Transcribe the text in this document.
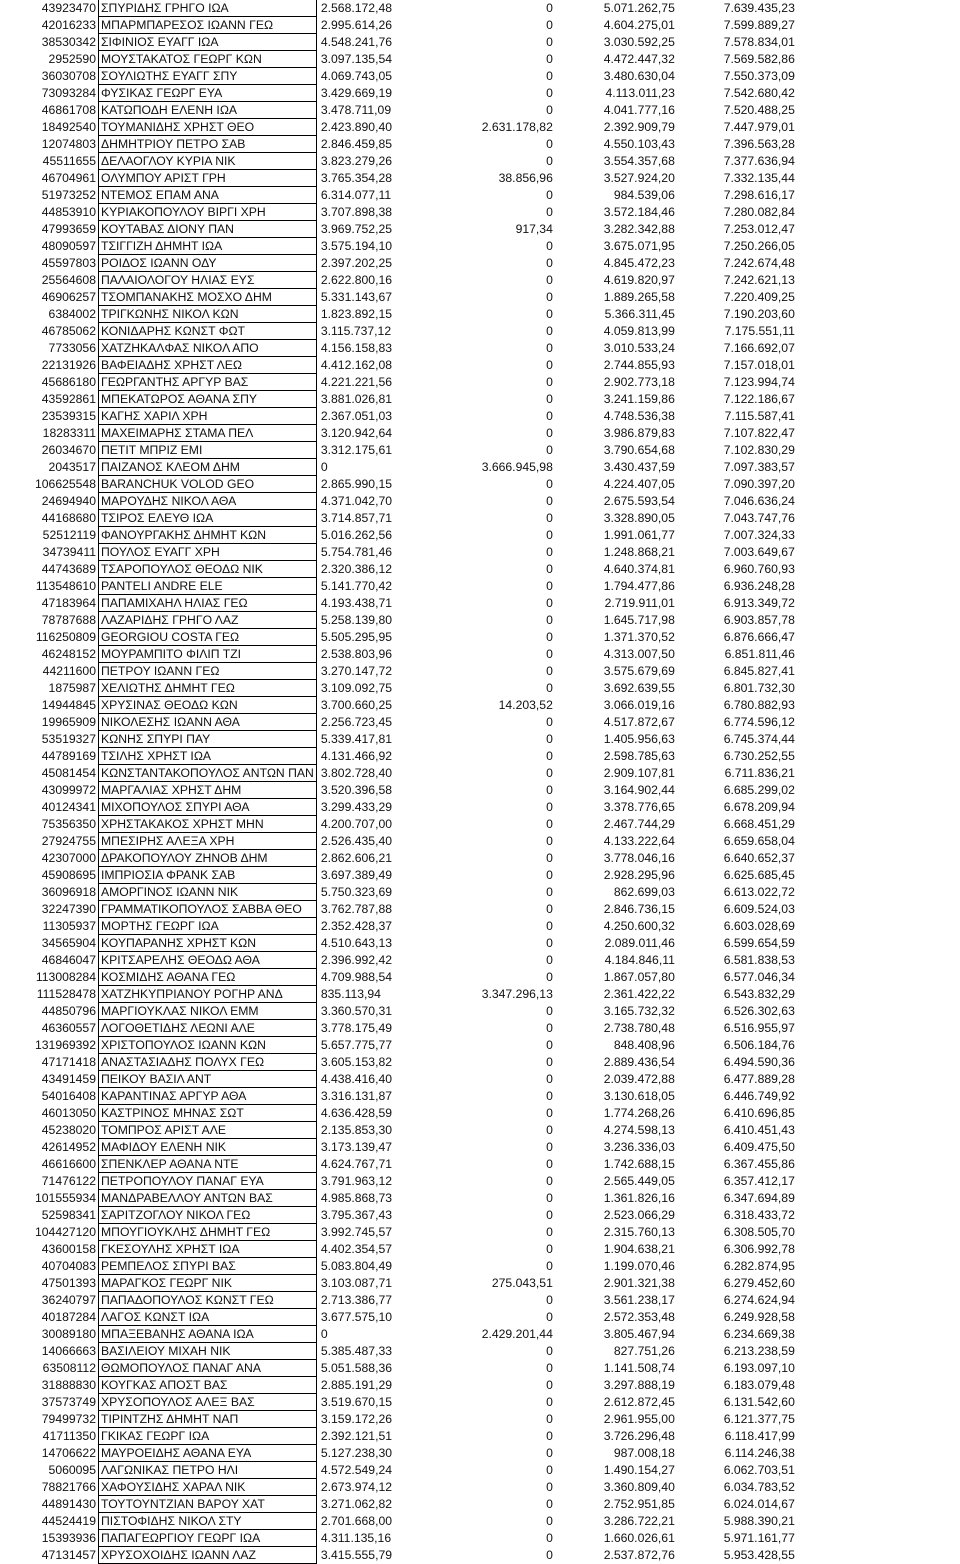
43923470	ΣΠΥΡΙΔΗΣ ΓΡΗΓΟ ΙΩΑ	2.568.172,48	0	5.071.262,75	7.639.435,23
42016233	ΜΠΑΡΜΠΑΡΕΣΟΣ ΙΩΑΝΝ ΓΕΩ	2.995.614,26	0	4.604.275,01	7.599.889,27
38530342	ΣΙΦΙΝΙΟΣ ΕΥΑΓΓ ΙΩΑ	4.548.241,76	0	3.030.592,25	7.578.834,01
2952590	ΜΟΥΣΤΑΚΑΤΟΣ ΓΕΩΡΓ ΚΩΝ	3.097.135,54	0	4.472.447,32	7.569.582,86
36030708	ΣΟΥΛΙΩΤΗΣ ΕΥΑΓΓ ΣΠΥ	4.069.743,05	0	3.480.630,04	7.550.373,09
73093284	ΦΥΣΙΚΑΣ ΓΕΩΡΓ ΕΥΑ	3.429.669,19	0	4.113.011,23	7.542.680,42
46861708	ΚΑΤΩΠΟΔΗ ΕΛΕΝΗ ΙΩΑ	3.478.711,09	0	4.041.777,16	7.520.488,25
18492540	ΤΟΥΜΑΝΙΔΗΣ ΧΡΗΣΤ ΘΕΟ	2.423.890,40	2.631.178,82	2.392.909,79	7.447.979,01
12074803	ΔΗΜΗΤΡΙΟΥ ΠΕΤΡΟ ΣΑΒ	2.846.459,85	0	4.550.103,43	7.396.563,28
45511655	ΔΕΛΑΟΓΛΟΥ ΚΥΡΙΑ ΝΙΚ	3.823.279,26	0	3.554.357,68	7.377.636,94
46704961	ΟΛΥΜΠΟΥ ΑΡΙΣΤ ΓΡΗ	3.765.354,28	38.856,96	3.527.924,20	7.332.135,44
51973252	ΝΤΕΜΟΣ ΕΠΑΜ ΑΝΑ	6.314.077,11	0	984.539,06	7.298.616,17
44853910	ΚΥΡΙΑΚΟΠΟΥΛΟΥ ΒΙΡΓΙ ΧΡΗ	3.707.898,38	0	3.572.184,46	7.280.082,84
47993659	ΚΟΥΤΑΒΑΣ ΔΙΟΝΥ ΠΑΝ	3.969.752,25	917,34	3.282.342,88	7.253.012,47
48090597	ΤΣΙΓΓΙΖΗ ΔΗΜΗΤ ΙΩΑ	3.575.194,10	0	3.675.071,95	7.250.266,05
45597803	ΡΟΙΔΟΣ ΙΩΑΝΝ ΟΔΥ	2.397.202,25	0	4.845.472,23	7.242.674,48
25564608	ΠΑΛΑΙΟΛΟΓΟΥ ΗΛΙΑΣ ΕΥΣ	2.622.800,16	0	4.619.820,97	7.242.621,13
46906257	ΤΣΟΜΠΑΝΑΚΗΣ ΜΟΣΧΟ ΔΗΜ	5.331.143,67	0	1.889.265,58	7.220.409,25
6384002	ΤΡΙΓΚΩΝΗΣ ΝΙΚΟΛ ΚΩΝ	1.823.892,15	0	5.366.311,45	7.190.203,60
46785062	ΚΟΝΙΔΑΡΗΣ ΚΩΝΣΤ ΦΩΤ	3.115.737,12	0	4.059.813,99	7.175.551,11
7733056	ΧΑΤΖΗΚΑΛΦΑΣ ΝΙΚΟΛ ΑΠΟ	4.156.158,83	0	3.010.533,24	7.166.692,07
22131926	ΒΑΦΕΙΑΔΗΣ ΧΡΗΣΤ ΛΕΩ	4.412.162,08	0	2.744.855,93	7.157.018,01
45686180	ΓΕΩΡΓΑΝΤΗΣ ΑΡΓΥΡ ΒΑΣ	4.221.221,56	0	2.902.773,18	7.123.994,74
43592861	ΜΠΕΚΑΤΩΡΟΣ ΑΘΑΝΑ ΣΠΥ	3.881.026,81	0	3.241.159,86	7.122.186,67
23539315	ΚΑΓΗΣ ΧΑΡΙΛ ΧΡΗ	2.367.051,03	0	4.748.536,38	7.115.587,41
18283311	ΜΑΧΕΙΜΑΡΗΣ ΣΤΑΜΑ ΠΕΛ	3.120.942,64	0	3.986.879,83	7.107.822,47
26034670	ΠΕΤΙΤ ΜΠΡΙΖ ΕΜΙ	3.312.175,61	0	3.790.654,68	7.102.830,29
2043517	ΠΑΙΖΑΝΟΣ ΚΛΕΟΜ ΔΗΜ	0	3.666.945,98	3.430.437,59	7.097.383,57
106625548	BARANCHUK VOLOD GEO	2.865.990,15	0	4.224.407,05	7.090.397,20
24694940	ΜΑΡΟΥΔΗΣ ΝΙΚΟΛ ΑΘΑ	4.371.042,70	0	2.675.593,54	7.046.636,24
44168680	ΤΣΙΡΟΣ ΕΛΕΥΘ ΙΩΑ	3.714.857,71	0	3.328.890,05	7.043.747,76
52512119	ΦΑΝΟΥΡΓΑΚΗΣ ΔΗΜΗΤ ΚΩΝ	5.016.262,56	0	1.991.061,77	7.007.324,33
34739411	ΠΟΥΛΟΣ ΕΥΑΓΓ ΧΡΗ	5.754.781,46	0	1.248.868,21	7.003.649,67
44743689	ΤΣΑΡΟΠΟΥΛΟΣ ΘΕΟΔΩ ΝΙΚ	2.320.386,12	0	4.640.374,81	6.960.760,93
113548610	PANTELI ANDRE ELE	5.141.770,42	0	1.794.477,86	6.936.248,28
47183964	ΠΑΠΑΜΙΧΑΗΛ ΗΛΙΑΣ ΓΕΩ	4.193.438,71	0	2.719.911,01	6.913.349,72
78787688	ΛΑΖΑΡΙΔΗΣ ΓΡΗΓΟ ΛΑΖ	5.258.139,80	0	1.645.717,98	6.903.857,78
116250809	GEORGIOU COSTA ΓΕΩ	5.505.295,95	0	1.371.370,52	6.876.666,47
46248152	ΜΟΥΡΑΜΠΙΤΟ ΦΙΛΙΠ ΤΖΙ	2.538.803,96	0	4.313.007,50	6.851.811,46
44211600	ΠΕΤΡΟΥ ΙΩΑΝΝ ΓΕΩ	3.270.147,72	0	3.575.679,69	6.845.827,41
1875987	ΧΕΛΙΩΤΗΣ ΔΗΜΗΤ ΓΕΩ	3.109.092,75	0	3.692.639,55	6.801.732,30
14944845	ΧΡΥΣΙΝΑΣ ΘΕΟΔΩ ΚΩΝ	3.700.660,25	14.203,52	3.066.019,16	6.780.882,93
19965909	ΝΙΚΟΛΕΣΗΣ ΙΩΑΝΝ ΑΘΑ	2.256.723,45	0	4.517.872,67	6.774.596,12
53519327	ΚΩΝΗΣ ΣΠΥΡΙ ΠΑΥ	5.339.417,81	0	1.405.956,63	6.745.374,44
44789169	ΤΣΙΛΗΣ ΧΡΗΣΤ ΙΩΑ	4.131.466,92	0	2.598.785,63	6.730.252,55
45081454	ΚΩΝΣΤΑΝΤΑΚΟΠΟΥΛΟΣ ΑΝΤΩΝ ΠΑΝ	3.802.728,40	0	2.909.107,81	6.711.836,21
43099972	ΜΑΡΓΑΛΙΑΣ ΧΡΗΣΤ ΔΗΜ	3.520.396,58	0	3.164.902,44	6.685.299,02
40124341	ΜΙΧΟΠΟΥΛΟΣ ΣΠΥΡΙ ΑΘΑ	3.299.433,29	0	3.378.776,65	6.678.209,94
75356350	ΧΡΗΣΤΑΚΑΚΟΣ ΧΡΗΣΤ ΜΗΝ	4.200.707,00	0	2.467.744,29	6.668.451,29
27924755	ΜΠΕΣΙΡΗΣ ΑΛΕΞΑ ΧΡΗ	2.526.435,40	0	4.133.222,64	6.659.658,04
42307000	ΔΡΑΚΟΠΟΥΛΟΥ ΖΗΝΟΒ ΔΗΜ	2.862.606,21	0	3.778.046,16	6.640.652,37
45908695	ΙΜΠΡΙΟΣΙΑ ΦΡΑΝΚ ΣΑΒ	3.697.389,49	0	2.928.295,96	6.625.685,45
36096918	ΑΜΟΡΓΙΝΟΣ ΙΩΑΝΝ ΝΙΚ	5.750.323,69	0	862.699,03	6.613.022,72
32247390	ΓΡΑΜΜΑΤΙΚΟΠΟΥΛΟΣ ΣΑΒΒΑ ΘΕΟ	3.762.787,88	0	2.846.736,15	6.609.524,03
11305937	ΜΟΡΤΗΣ ΓΕΩΡΓ ΙΩΑ	2.352.428,37	0	4.250.600,32	6.603.028,69
34565904	ΚΟΥΠΑΡΑΝΗΣ ΧΡΗΣΤ ΚΩΝ	4.510.643,13	0	2.089.011,46	6.599.654,59
46846047	ΚΡΙΤΣΑΡΕΛΗΣ ΘΕΟΔΩ ΑΘΑ	2.396.992,42	0	4.184.846,11	6.581.838,53
113008284	ΚΟΣΜΙΔΗΣ ΑΘΑΝΑ ΓΕΩ	4.709.988,54	0	1.867.057,80	6.577.046,34
111528478	ΧΑΤΖΗΚΥΠΡΙΑΝΟΥ ΡΟΓΗΡ ΑΝΔ	835.113,94	3.347.296,13	2.361.422,22	6.543.832,29
44850796	ΜΑΡΓΙΟΥΚΛΑΣ ΝΙΚΟΛ ΕΜΜ	3.360.570,31	0	3.165.732,32	6.526.302,63
46360557	ΛΟΓΟΘΕΤΙΔΗΣ ΛΕΩΝΙ ΑΛΕ	3.778.175,49	0	2.738.780,48	6.516.955,97
131969392	ΧΡΙΣΤΟΠΟΥΛΟΣ ΙΩΑΝΝ ΚΩΝ	5.657.775,77	0	848.408,96	6.506.184,76
47171418	ΑΝΑΣΤΑΣΙΑΔΗΣ ΠΟΛΥΧ ΓΕΩ	3.605.153,82	0	2.889.436,54	6.494.590,36
43491459	ΠΕΙΚΟΥ ΒΑΣΙΛ ΑΝΤ	4.438.416,40	0	2.039.472,88	6.477.889,28
54016408	ΚΑΡΑΝΤΙΝΑΣ ΑΡΓΥΡ ΑΘΑ	3.316.131,87	0	3.130.618,05	6.446.749,92
46013050	ΚΑΣΤΡΙΝΟΣ ΜΗΝΑΣ ΣΩΤ	4.636.428,59	0	1.774.268,26	6.410.696,85
45238020	ΤΟΜΠΡΟΣ ΑΡΙΣΤ ΑΛΕ	2.135.853,30	0	4.274.598,13	6.410.451,43
42614952	ΜΑΦΙΔΟΥ ΕΛΕΝΗ ΝΙΚ	3.173.139,47	0	3.236.336,03	6.409.475,50
46616600	ΣΠΕΝΚΛΕΡ ΑΘΑΝΑ ΝΤΕ	4.624.767,71	0	1.742.688,15	6.367.455,86
71476122	ΠΕΤΡΟΠΟΥΛΟΥ ΠΑΝΑΓ ΕΥΑ	3.791.963,12	0	2.565.449,05	6.357.412,17
101555934	ΜΑΝΔΡΑΒΕΛΛΟΥ ΑΝΤΩΝ ΒΑΣ	4.985.868,73	0	1.361.826,16	6.347.694,89
52598341	ΣΑΡΙΤΖΟΓΛΟΥ ΝΙΚΟΛ ΓΕΩ	3.795.367,43	0	2.523.066,29	6.318.433,72
104427120	ΜΠΟΥΓΙΟΥΚΛΗΣ ΔΗΜΗΤ ΓΕΩ	3.992.745,57	0	2.315.760,13	6.308.505,70
43600158	ΓΚΕΣΟΥΛΗΣ ΧΡΗΣΤ ΙΩΑ	4.402.354,57	0	1.904.638,21	6.306.992,78
40704083	ΡΕΜΠΕΛΟΣ ΣΠΥΡΙ ΒΑΣ	5.083.804,49	0	1.199.070,46	6.282.874,95
47501393	ΜΑΡΑΓΚΟΣ ΓΕΩΡΓ ΝΙΚ	3.103.087,71	275.043,51	2.901.321,38	6.279.452,60
36240797	ΠΑΠΑΔΟΠΟΥΛΟΣ ΚΩΝΣΤ ΓΕΩ	2.713.386,77	0	3.561.238,17	6.274.624,94
40187284	ΛΑΓΟΣ ΚΩΝΣΤ ΙΩΑ	3.677.575,10	0	2.572.353,48	6.249.928,58
30089180	ΜΠΑΞΕΒΑΝΗΣ ΑΘΑΝΑ ΙΩΑ	0	2.429.201,44	3.805.467,94	6.234.669,38
14066663	ΒΑΣΙΛΕΙΟΥ ΜΙΧΑΗ ΝΙΚ	5.385.487,33	0	827.751,26	6.213.238,59
63508112	ΘΩΜΟΠΟΥΛΟΣ ΠΑΝΑΓ ΑΝΑ	5.051.588,36	0	1.141.508,74	6.193.097,10
31888830	ΚΟΥΓΚΑΣ ΑΠΟΣΤ ΒΑΣ	2.885.191,29	0	3.297.888,19	6.183.079,48
37573749	ΧΡΥΣΟΠΟΥΛΟΣ ΑΛΕΞ ΒΑΣ	3.519.670,15	0	2.612.872,45	6.131.542,60
79499732	ΤΙΡΙΝΤΖΗΣ ΔΗΜΗΤ ΝΑΠ	3.159.172,26	0	2.961.955,00	6.121.377,75
41711350	ΓΚΙΚΑΣ ΓΕΩΡΓ ΙΩΑ	2.392.121,51	0	3.726.296,48	6.118.417,99
14706622	ΜΑΥΡΟΕΙΔΗΣ ΑΘΑΝΑ ΕΥΑ	5.127.238,30	0	987.008,18	6.114.246,38
5060095	ΛΑΓΩΝΙΚΑΣ ΠΕΤΡΟ ΗΛΙ	4.572.549,24	0	1.490.154,27	6.062.703,51
78821766	ΧΑΦΟΥΣΙΔΗΣ ΧΑΡΑΛ ΝΙΚ	2.673.974,12	0	3.360.809,40	6.034.783,52
44891430	ΤΟΥΤΟΥΝΤΖΙΑΝ ΒΑΡΟΥ ΧΑΤ	3.271.062,82	0	2.752.951,85	6.024.014,67
44524419	ΠΙΣΤΟΦΙΔΗΣ ΝΙΚΟΛ ΣΤΥ	2.701.668,00	0	3.286.722,21	5.988.390,21
15393936	ΠΑΠΑΓΕΩΡΓΙΟΥ ΓΕΩΡΓ ΙΩΑ	4.311.135,16	0	1.660.026,61	5.971.161,77
47131457	ΧΡΥΣΟΧΟΙΔΗΣ ΙΩΑΝΝ ΛΑΖ	3.415.555,79	0	2.537.872,76	5.953.428,55
